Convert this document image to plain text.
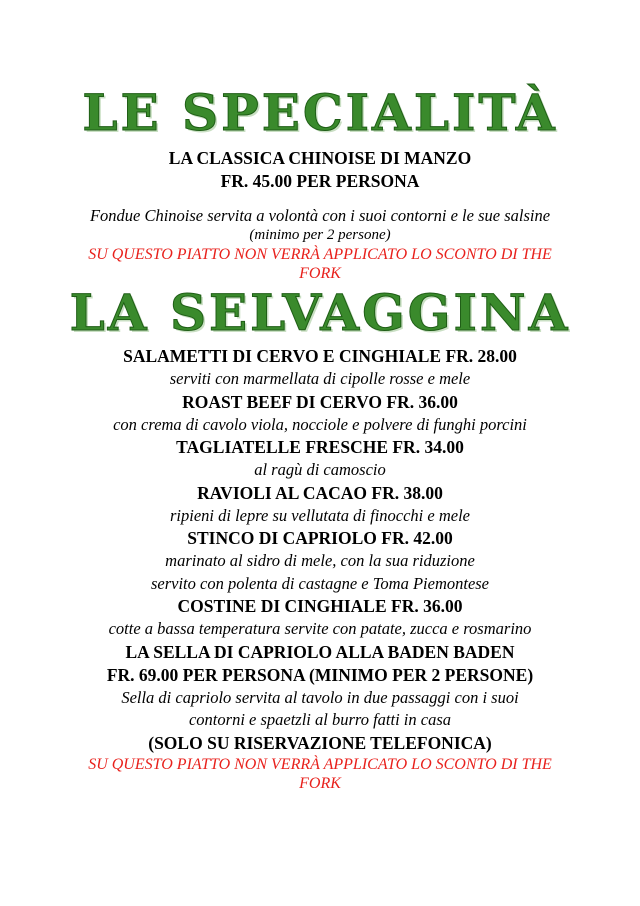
LE SPECIALITÀ
LA CLASSICA CHINOISE DI MANZO
FR. 45.00 PER PERSONA
Fondue Chinoise servita a volontà con i suoi contorni e le sue salsine
(minimo per 2 persone)
SU QUESTO PIATTO NON VERRÀ APPLICATO LO SCONTO DI THE
FORK
LA SELVAGGINA
SALAMETTI DI CERVO E CINGHIALE FR. 28.00
serviti con marmellata di cipolle rosse e mele
ROAST BEEF DI CERVO FR. 36.00
con crema di cavolo viola, nocciole e polvere di funghi porcini
TAGLIATELLE FRESCHE FR. 34.00
al ragù di camoscio
RAVIOLI AL CACAO FR. 38.00
ripieni di lepre su vellutata di finocchi e mele
STINCO DI CAPRIOLO FR. 42.00
marinato al sidro di mele, con la sua riduzione
servito con polenta di castagne e Toma Piemontese
COSTINE DI CINGHIALE FR. 36.00
cotte a bassa temperatura servite con patate, zucca e rosmarino
LA SELLA DI CAPRIOLO ALLA BADEN BADEN
FR. 69.00 PER PERSONA (MINIMO PER 2 PERSONE)
Sella di capriolo servita al tavolo in due passaggi con i suoi
contorni e spaetzli al burro fatti in casa
(SOLO SU RISERVAZIONE TELEFONICA)
SU QUESTO PIATTO NON VERRÀ APPLICATO LO SCONTO DI THE
FORK
